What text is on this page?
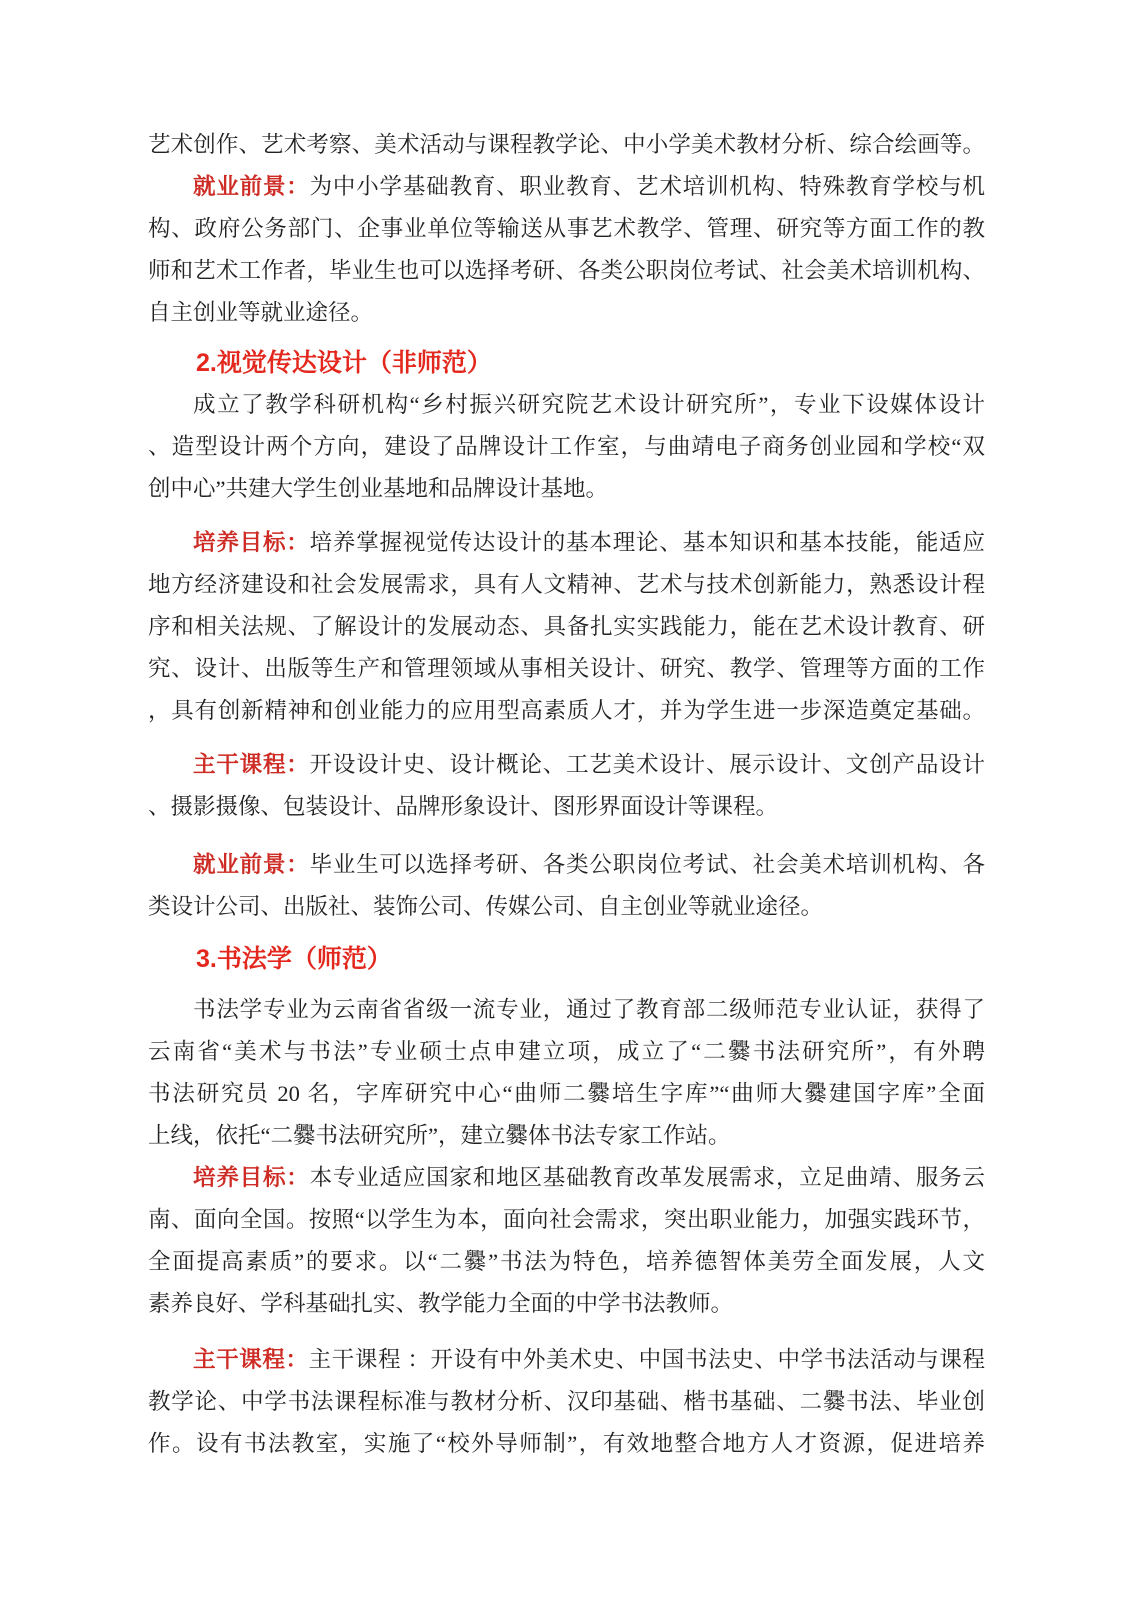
艺术创作、艺术考察、美术活动与课程教学论、中小学美术教材分析、综合绘画等。
就业前景：为中小学基础教育、职业教育、艺术培训机构、特殊教育学校与机
构、政府公务部门、企事业单位等输送从事艺术教学、管理、研究等方面工作的教
师和艺术工作者，毕业生也可以选择考研、各类公职岗位考试、社会美术培训机构、
自主创业等就业途径。
2.视觉传达设计（非师范）
成立了教学科研机构“乡村振兴研究院艺术设计研究所”，专业下设媒体设计
、造型设计两个方向，建设了品牌设计工作室，与曲靖电子商务创业园和学校“双
创中心”共建大学生创业基地和品牌设计基地。
培养目标：培养掌握视觉传达设计的基本理论、基本知识和基本技能，能适应
地方经济建设和社会发展需求，具有人文精神、艺术与技术创新能力，熟悉设计程
序和相关法规、了解设计的发展动态、具备扎实实践能力，能在艺术设计教育、研
究、设计、出版等生产和管理领域从事相关设计、研究、教学、管理等方面的工作
，具有创新精神和创业能力的应用型高素质人才，并为学生进一步深造奠定基础。
主干课程：开设设计史、设计概论、工艺美术设计、展示设计、文创产品设计
、摄影摄像、包装设计、品牌形象设计、图形界面设计等课程。
就业前景：毕业生可以选择考研、各类公职岗位考试、社会美术培训机构、各
类设计公司、出版社、装饰公司、传媒公司、自主创业等就业途径。
3.书法学（师范）
书法学专业为云南省省级一流专业，通过了教育部二级师范专业认证，获得了
云南省“美术与书法”专业硕士点申建立项，成立了“二爨书法研究所”，有外聘
书法研究员 20 名，字库研究中心“曲师二爨培生字库”“曲师大爨建国字库”全面
上线，依托“二爨书法研究所”，建立爨体书法专家工作站。
培养目标：本专业适应国家和地区基础教育改革发展需求，立足曲靖、服务云
南、面向全国。按照“以学生为本，面向社会需求，突出职业能力，加强实践环节，
全面提高素质”的要求。以“二爨”书法为特色，培养德智体美劳全面发展，人文
素养良好、学科基础扎实、教学能力全面的中学书法教师。
主干课程：主干课程 ：开设有中外美术史、中国书法史、中学书法活动与课程
教学论、中学书法课程标准与教材分析、汉印基础、楷书基础、二爨书法、毕业创
作。设有书法教室，实施了“校外导师制”，有效地整合地方人才资源，促进培养
